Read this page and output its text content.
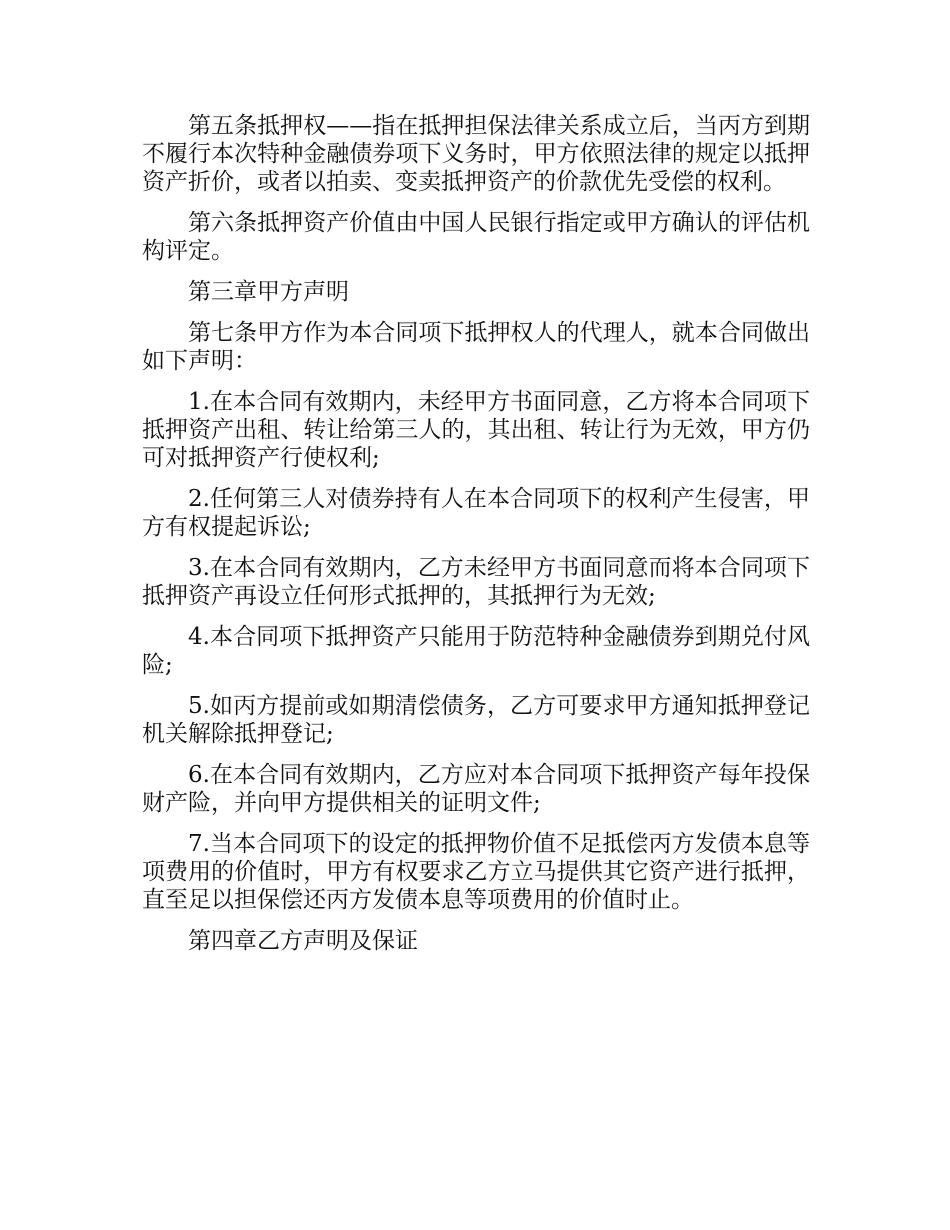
第五条抵押权——指在抵押担保法律关系成立后，当丙方到期不履行本次特种金融债券项下义务时，甲方依照法律的规定以抵押资产折价，或者以拍卖、变卖抵押资产的价款优先受偿的权利。

第六条抵押资产价值由中国人民银行指定或甲方确认的评估机构评定。

第三章甲方声明

第七条甲方作为本合同项下抵押权人的代理人，就本合同做出如下声明：

1.在本合同有效期内，未经甲方书面同意，乙方将本合同项下抵押资产出租、转让给第三人的，其出租、转让行为无效，甲方仍可对抵押资产行使权利;

2.任何第三人对债券持有人在本合同项下的权利产生侵害，甲方有权提起诉讼;

3.在本合同有效期内，乙方未经甲方书面同意而将本合同项下抵押资产再设立任何形式抵押的，其抵押行为无效;

4.本合同项下抵押资产只能用于防范特种金融债券到期兑付风险;

5.如丙方提前或如期清偿债务，乙方可要求甲方通知抵押登记机关解除抵押登记;

6.在本合同有效期内，乙方应对本合同项下抵押资产每年投保财产险，并向甲方提供相关的证明文件;

7.当本合同项下的设定的抵押物价值不足抵偿丙方发债本息等项费用的价值时，甲方有权要求乙方立马提供其它资产进行抵押，直至足以担保偿还丙方发债本息等项费用的价值时止。

第四章乙方声明及保证
